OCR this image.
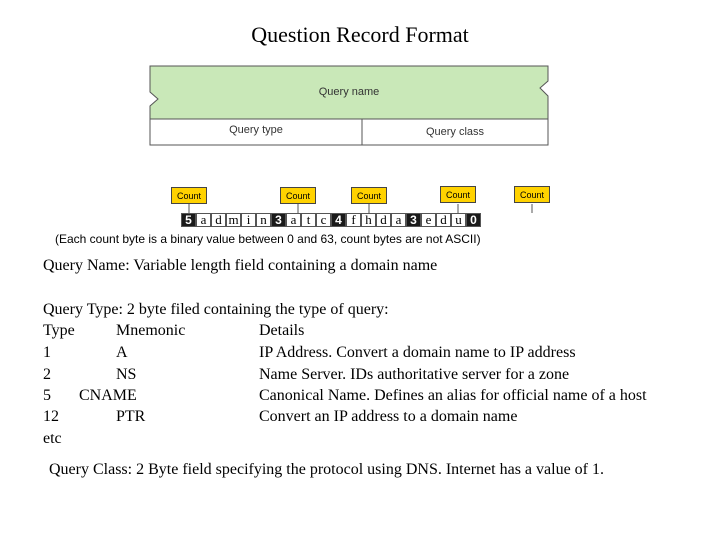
Question Record Format
Query name
Query type	Query class
Count	Count	Count	Count	Count
5 a d m i n 3 a t c 4 f h d a 3 e d u 0
(Each count byte is a binary value between 0 and 63, count bytes are not ASCII)
Query Name: Variable length field containing a domain name
Query Type: 2 byte filed containing the type of query:
Type	Mnemonic	Details
1	A	IP Address. Convert a domain name to IP address
2	NS	Name Server. IDs authoritative server for a zone
5 CNAME	Canonical Name. Defines an alias for official name of a host
12	PTR	Convert an IP address to a domain name
etc
Query Class: 2 Byte field specifying the protocol using DNS. Internet has a value of 1.
